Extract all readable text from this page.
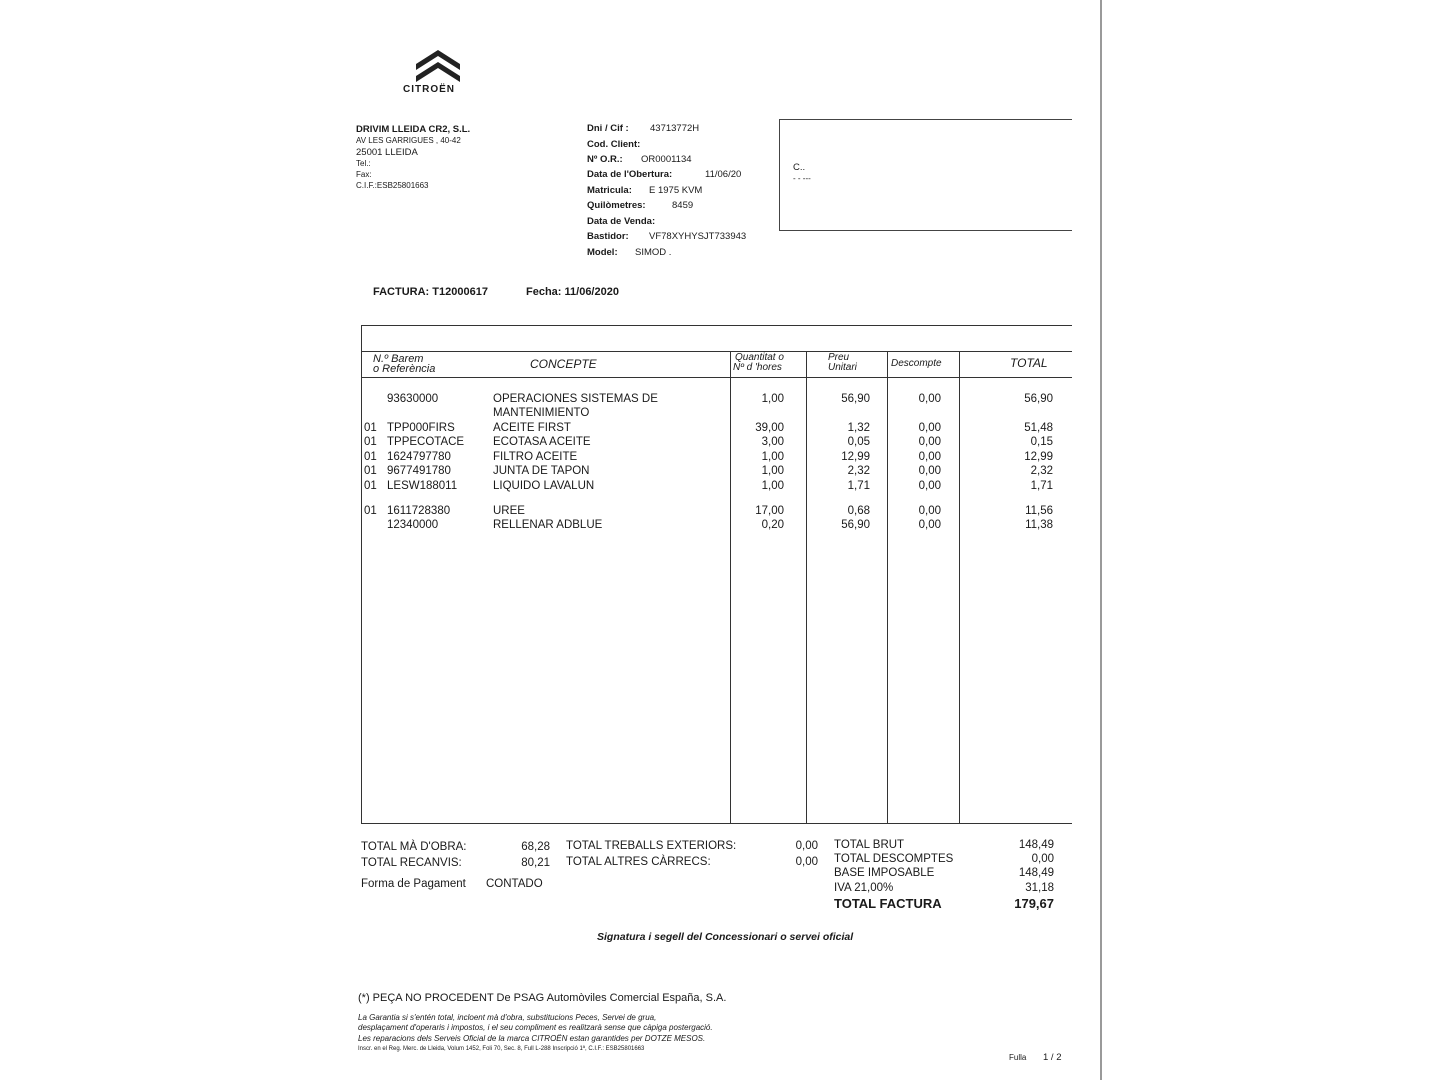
CITROËN
DRIVIM LLEIDA CR2, S.L.
AV LES GARRIGUES , 40-42
25001 LLEIDA
Tel.:
Fax:
C.I.F.:ESB25801663
Dni / Cif : 43713772H
Cod. Client:
Nº O.R.: OR0001134
Data de l'Obertura:	11/06/20
Matricula: E 1975 KVM
Quilòmetres:	8459
Data de Venda:
Bastidor: VF78XYHYSJT733943
Model: SIMOD .
C..
- - ---
FACTURA: T12000617	Fecha: 11/06/2020
N.º Barem
o Referència	CONCEPTE	Quantitat o
Nº d 'hores
Preu
Unitari	Descompte	TOTAL
93630000	OPERACIONES SISTEMAS DE	1,00	56,90	0,00	56,90
MANTENIMIENTO
01 TPP000FIRS	ACEITE FIRST	39,00	1,32	0,00	51,48
01 TPPECOTACE	ECOTASA ACEITE	3,00	0,05	0,00	0,15
01 1624797780	FILTRO ACEITE	1,00	12,99	0,00	12,99
01 9677491780	JUNTA DE TAPON	1,00	2,32	0,00	2,32
01 LESW188011	LIQUIDO LAVALUN	1,00	1,71	0,00	1,71
01 1611728380	UREE	17,00	0,68	0,00	11,56
12340000	RELLENAR ADBLUE	0,20	56,90	0,00	11,38
TOTAL MÀ D'OBRA:	68,28
TOTAL RECANVIS:	80,21
TOTAL TREBALLS EXTERIORS:	0,00
TOTAL ALTRES CÀRRECS:	0,00
Forma de Pagament CONTADO
TOTAL BRUT	148,49
TOTAL DESCOMPTES	0,00
BASE IMPOSABLE	148,49
IVA 21,00%	31,18
TOTAL FACTURA	179,67
Signatura i segell del Concessionari o servei oficial
(*) PEÇA NO PROCEDENT De PSAG Automòviles Comercial España, S.A.
La Garantia si s'entén total, incloent mà d'obra, substitucions Peces, Servei de grua,
desplaçament d'operaris i impostos, i el seu compliment es realitzarà sense que càpiga postergació.
Les reparacions dels Serveis Oficial de la marca CITROËN estan garantides per DOTZE MESOS.
Inscr. en el Reg. Merc. de Lleida, Volum 1452, Foli 70, Sec. 8, Full L-288 Inscripció 1ª, C.I.F.: ESB25801663
Fulla 1 / 2
